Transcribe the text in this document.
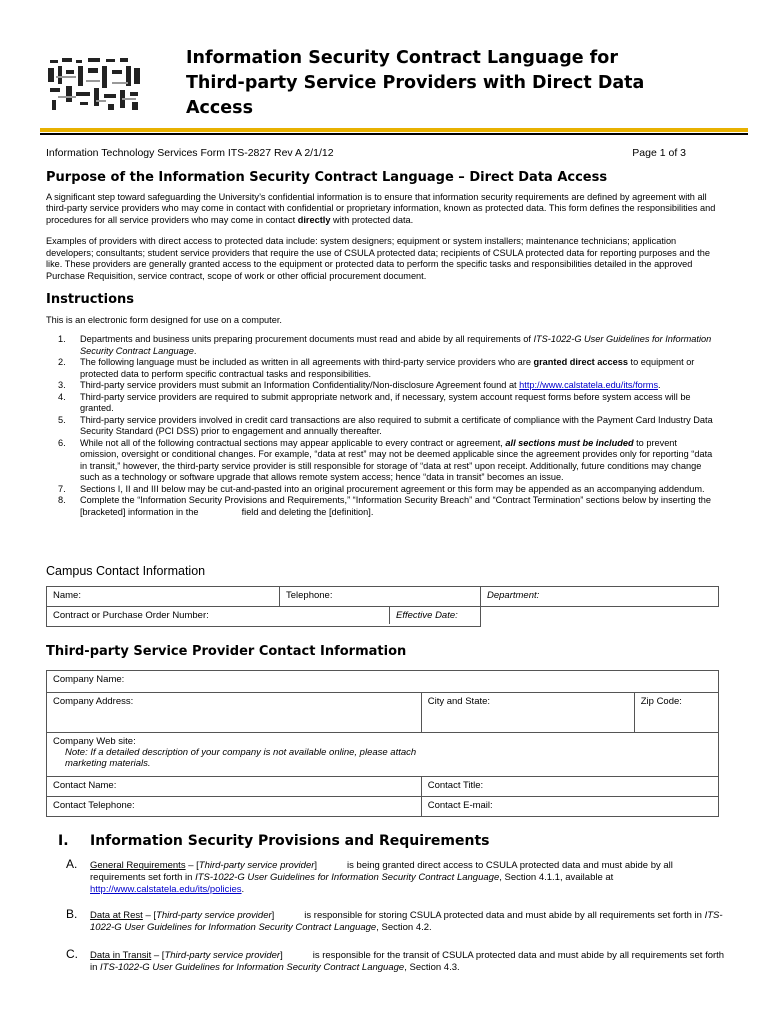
Information Security Contract Language for
Third-party Service Providers with Direct Data
Access
Information Technology Services Form ITS-2827 Rev A 2/1/12	Page 1 of 3
Purpose of the Information Security Contract Language – Direct Data Access

A significant step toward safeguarding the University’s confidential information is to ensure that information security requirements are defined by agreement with all third-party service providers who may come in contact with confidential or proprietary information, known as protected data. This form defines the responsibilities and procedures for all service providers who may come in contact directly with protected data.

Examples of providers with direct access to protected data include: system designers; equipment or system installers; maintenance technicians; application developers; consultants; student service providers that require the use of CSULA protected data; recipients of CSULA protected data for reporting purposes and the like. These providers are generally granted access to the equipment or protected data to perform the specific tasks and responsibilities detailed in the approved Purchase Requisition, service contract, scope of work or other official procurement document.

Instructions

This is an electronic form designed for use on a computer.

1. Departments and business units preparing procurement documents must read and abide by all requirements of ITS-1022-G User Guidelines for Information Security Contract Language.
2. The following language must be included as written in all agreements with third-party service providers who are granted direct access to equipment or protected data to perform specific contractual tasks and responsibilities.
3. Third-party service providers must submit an Information Confidentiality/Non-disclosure Agreement found at http://www.calstatela.edu/its/forms.
4. Third-party service providers are required to submit appropriate network and, if necessary, system account request forms before system access will be granted.
5. Third-party service providers involved in credit card transactions are also required to submit a certificate of compliance with the Payment Card Industry Data Security Standard (PCI DSS) prior to engagement and annually thereafter.
6. While not all of the following contractual sections may appear applicable to every contract or agreement, all sections must be included to prevent omission, oversight or conditional changes. For example, “data at rest” may not be deemed applicable since the agreement provides only for reporting “data in transit,” however, the third-party service provider is still responsible for storage of “data at rest” upon receipt. Additionally, future conditions may change such as a technology or software upgrade that allows remote system access; hence “data in transit” becomes an issue.
7. Sections I, II and III below may be cut-and-pasted into an original procurement agreement or this form may be appended as an accompanying addendum.
8. Complete the “Information Security Provisions and Requirements,” “Information Security Breach” and “Contract Termination” sections below by inserting the [bracketed] information in the	field and deleting the [definition].
Campus Contact Information
Name:	Telephone:	Department:

Contract or Purchase Order Number:	Effective Date:

Third-party Service Provider Contact Information
Company Name:		
Company Address:	City and State:	Zip Code:

Company Web site:
Note: If a detailed description of your company is not available online, please attach
marketing materials.		

Contact Name:	Contact Title:	
Contact Telephone:	Contact E-mail:	
I. Information Security Provisions and Requirements
A.	General Requirements – [Third-party service provider]	is being granted direct access to CSULA protected data and must abide by all requirements set forth in ITS-1022-G User Guidelines for Information Security Contract Language, Section 4.1.1, available at http://www.calstatela.edu/its/policies.
B.	Data at Rest – [Third-party service provider]	is responsible for storing CSULA protected data and must abide by all requirements set forth in ITS-1022-G User Guidelines for Information Security Contract Language, Section 4.2.
C.	Data in Transit – [Third-party service provider]	is responsible for the transit of CSULA protected data and must abide by all requirements set forth in ITS-1022-G User Guidelines for Information Security Contract Language, Section 4.3.
